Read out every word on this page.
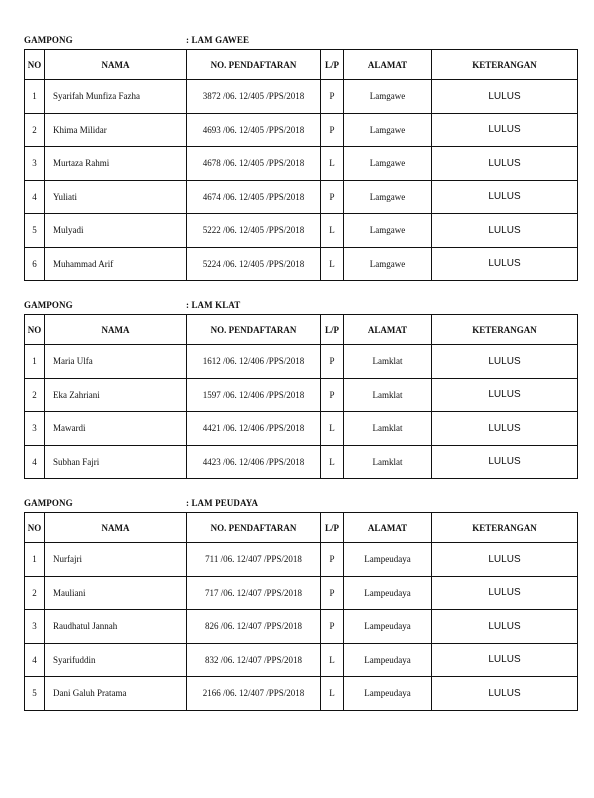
GAMPONG	: LAM GAWEE
NO	NAMA	NO. PENDAFTARAN	L/P	ALAMAT	KETERANGAN
1	Syarifah Munfiza Fazha	3872 /06. 12/405 /PPS/2018	P	Lamgawe	LULUS
2	Khima Milidar	4693 /06. 12/405 /PPS/2018	P	Lamgawe	LULUS
3	Murtaza Rahmi	4678 /06. 12/405 /PPS/2018	L	Lamgawe	LULUS
4	Yuliati	4674 /06. 12/405 /PPS/2018	P	Lamgawe	LULUS
5	Mulyadi	5222 /06. 12/405 /PPS/2018	L	Lamgawe	LULUS
6	Muhammad Arif	5224 /06. 12/405 /PPS/2018	L	Lamgawe	LULUS
GAMPONG	: LAM KLAT
NO	NAMA	NO. PENDAFTARAN	L/P	ALAMAT	KETERANGAN
1	Maria Ulfa	1612 /06. 12/406 /PPS/2018	P	Lamklat	LULUS
2	Eka Zahriani	1597 /06. 12/406 /PPS/2018	P	Lamklat	LULUS
3	Mawardi	4421 /06. 12/406 /PPS/2018	L	Lamklat	LULUS
4	Subhan Fajri	4423 /06. 12/406 /PPS/2018	L	Lamklat	LULUS
GAMPONG	: LAM PEUDAYA
NO	NAMA	NO. PENDAFTARAN	L/P	ALAMAT	KETERANGAN
1	Nurfajri	711 /06. 12/407 /PPS/2018	P	Lampeudaya	LULUS
2	Mauliani	717 /06. 12/407 /PPS/2018	P	Lampeudaya	LULUS
3	Raudhatul Jannah	826 /06. 12/407 /PPS/2018	P	Lampeudaya	LULUS
4	Syarifuddin	832 /06. 12/407 /PPS/2018	L	Lampeudaya	LULUS
5	Dani Galuh Pratama	2166 /06. 12/407 /PPS/2018	L	Lampeudaya	LULUS
